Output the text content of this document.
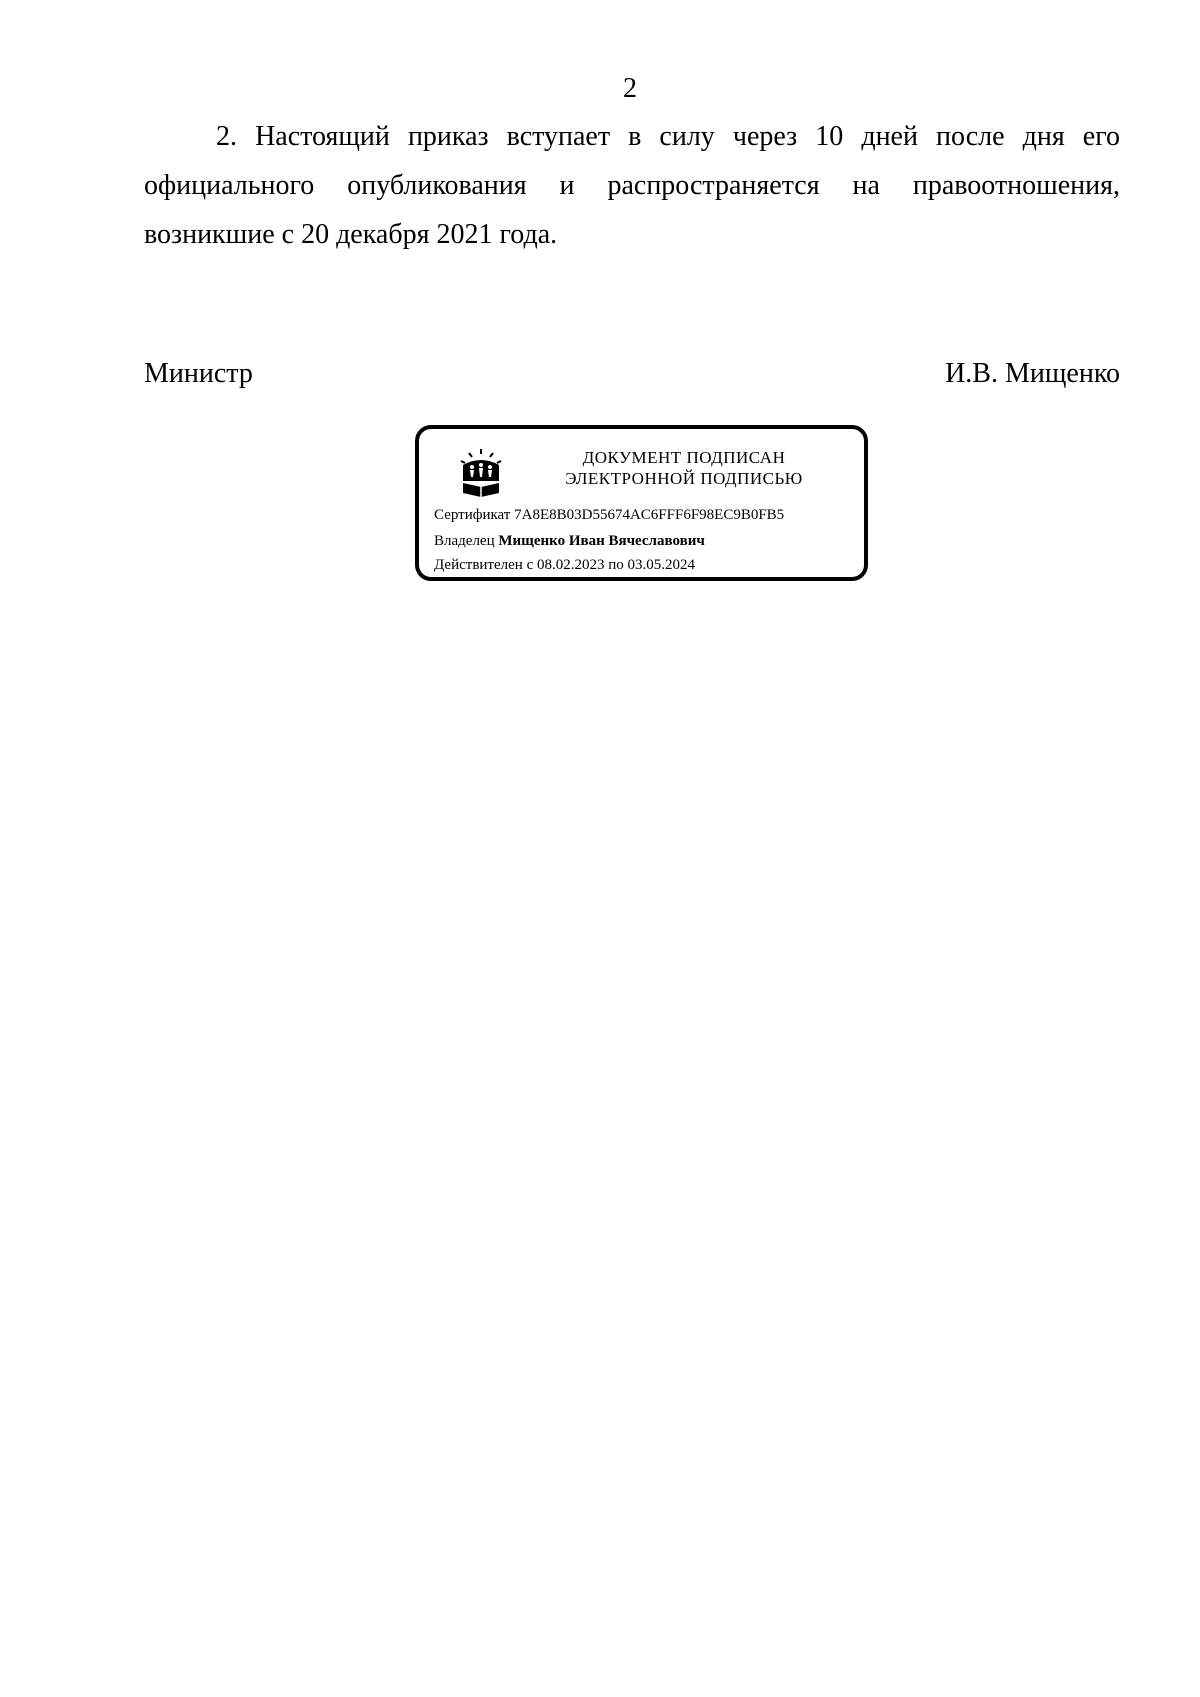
2

2. Настоящий приказ вступает в силу через 10 дней после дня его официального опубликования и распространяется на правоотношения, возникшие с 20 декабря 2021 года.

Министр	И.В. Мищенко
ДОКУМЕНТ ПОДПИСАН
ЭЛЕКТРОННОЙ ПОДПИСЬЮ
Сертификат 7A8E8B03D55674AC6FFF6F98EC9B0FB5
Владелец Мищенко Иван Вячеславович
Действителен с 08.02.2023 по 03.05.2024
